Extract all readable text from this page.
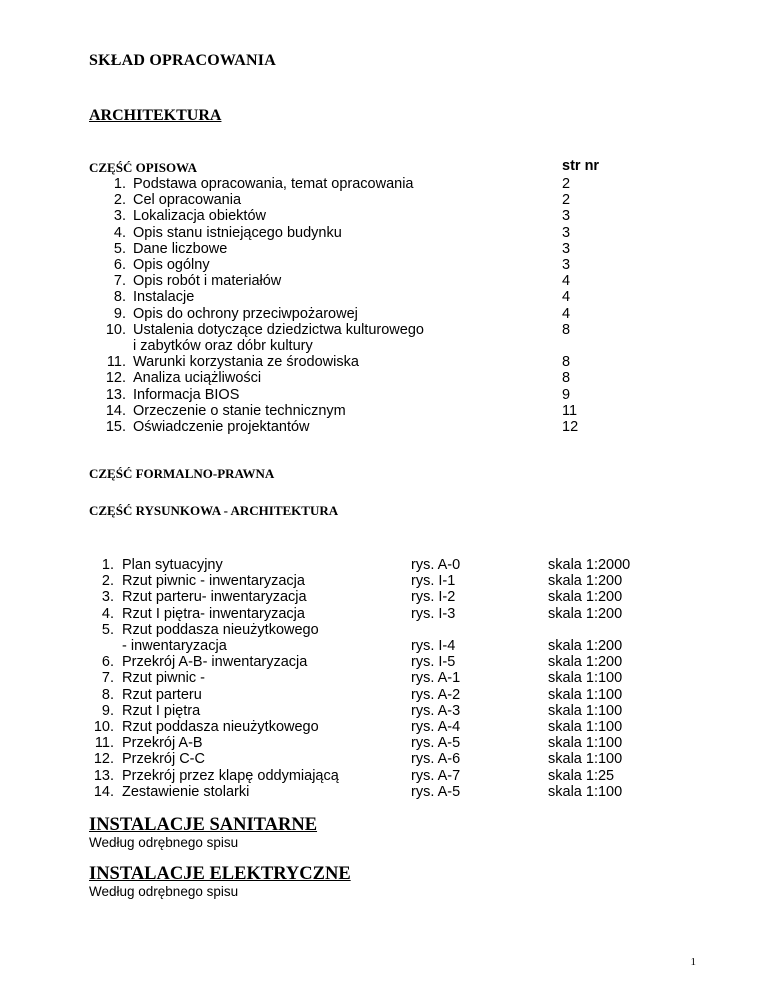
SKŁAD OPRACOWANIA
ARCHITEKTURA
CZĘŚĆ OPISOWA	str nr
1. Podstawa opracowania, temat opracowania	2
2. Cel opracowania	2
3. Lokalizacja obiektów	3
4. Opis stanu istniejącego budynku	3
5. Dane liczbowe	3
6. Opis ogólny	3
7. Opis robót i materiałów	4
8. Instalacje	4
9. Opis do ochrony przeciwpożarowej	4
10. Ustalenia dotyczące dziedzictwa kulturowego	8
i zabytków oraz dóbr kultury
11. Warunki korzystania ze środowiska	8
12. Analiza uciążliwości	8
13. Informacja BIOS	9
14. Orzeczenie o stanie technicznym	11
15. Oświadczenie projektantów	12
CZĘŚĆ FORMALNO-PRAWNA
CZĘŚĆ RYSUNKOWA - ARCHITEKTURA
1. Plan sytuacyjny	rys. A-0	skala 1:2000
2. Rzut piwnic - inwentaryzacja	rys. I-1	skala 1:200
3. Rzut parteru- inwentaryzacja	rys. I-2	skala 1:200
4. Rzut I piętra- inwentaryzacja	rys. I-3	skala 1:200
5. Rzut poddasza nieużytkowego
- inwentaryzacja	rys. I-4	skala 1:200
6. Przekrój A-B- inwentaryzacja	rys. I-5	skala 1:200
7. Rzut piwnic -	rys. A-1	skala 1:100
8. Rzut parteru	rys. A-2	skala 1:100
9. Rzut I piętra	rys. A-3	skala 1:100
10. Rzut poddasza nieużytkowego	rys. A-4	skala 1:100
11. Przekrój A-B	rys. A-5	skala 1:100
12. Przekrój C-C	rys. A-6	skala 1:100
13. Przekrój przez klapę oddymiającą	rys. A-7	skala 1:25
14. Zestawienie stolarki	rys. A-5	skala 1:100
INSTALACJE SANITARNE
Według odrębnego spisu
INSTALACJE ELEKTRYCZNE
Według odrębnego spisu
1
